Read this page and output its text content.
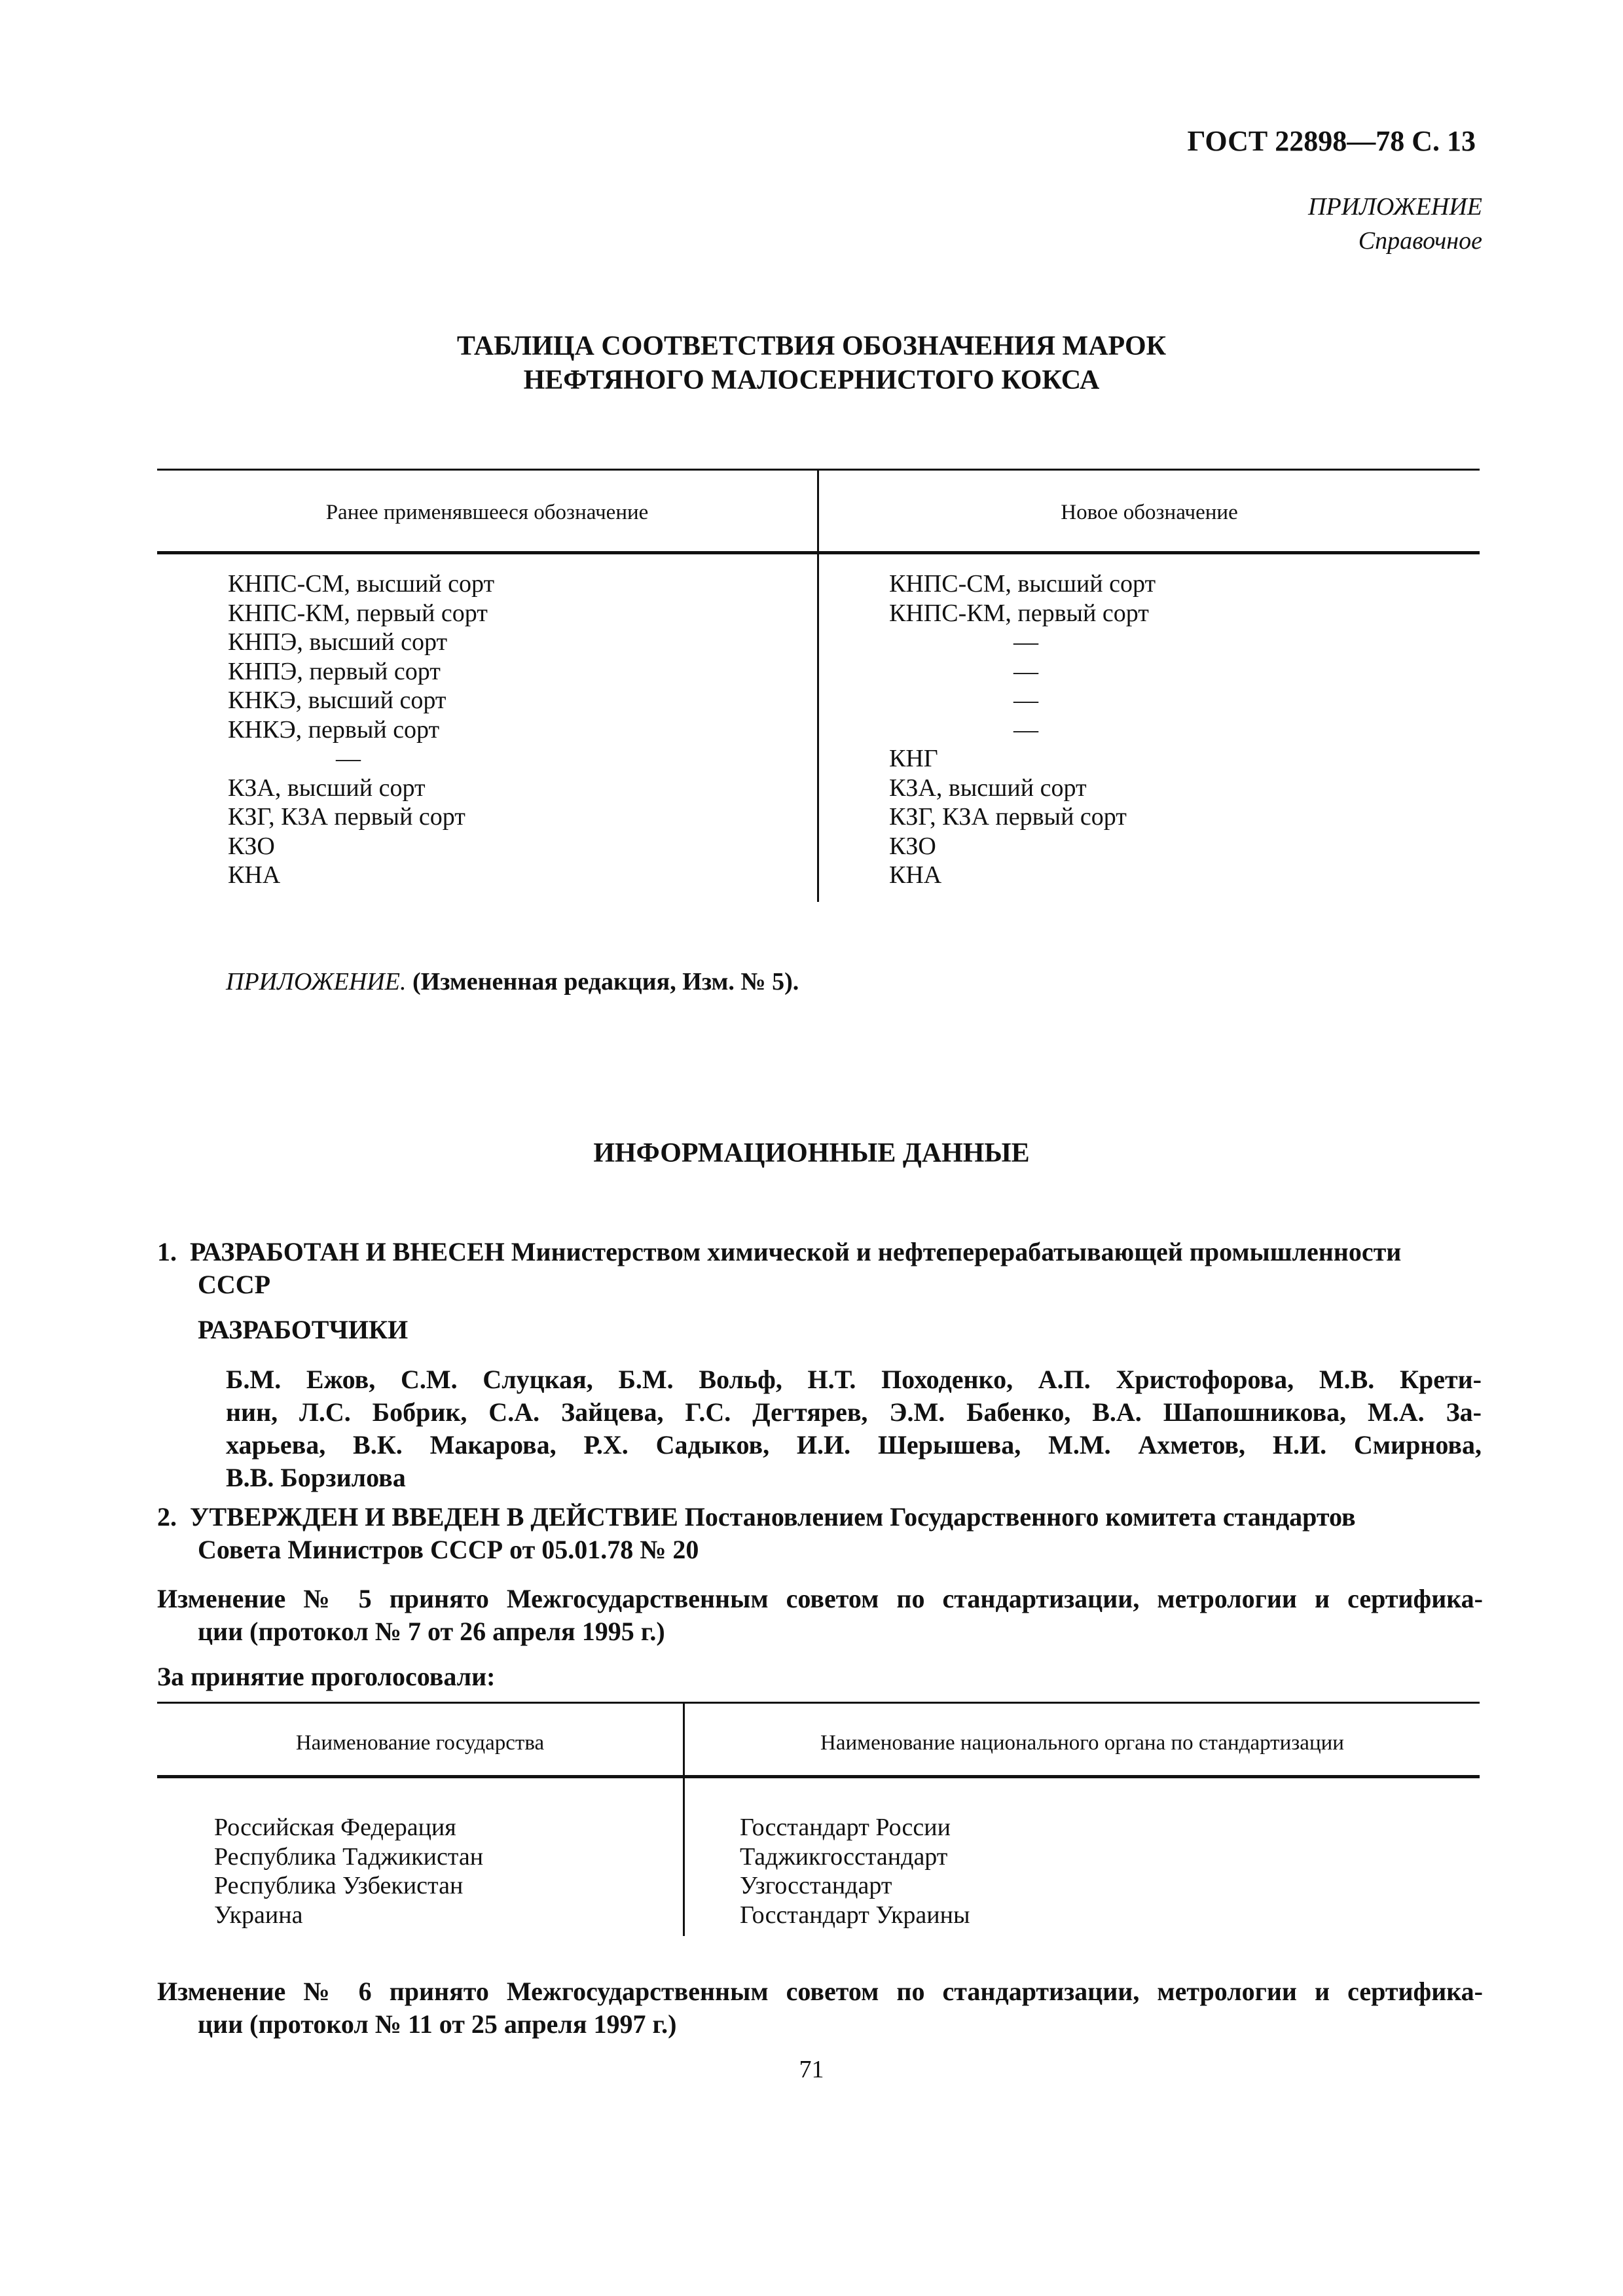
ГОСТ 22898—78 С. 13
ПРИЛОЖЕНИЕ
Справочное
ТАБЛИЦА СООТВЕТСТВИЯ ОБОЗНАЧЕНИЯ МАРОК
НЕФТЯНОГО МАЛОСЕРНИСТОГО КОКСА
Ранее применявшееся обозначение	Новое обозначение
КНПС-СМ, высший сорт
КНПС-КМ, первый сорт
КНПЭ, высший сорт
КНПЭ, первый сорт
КНКЭ, высший сорт
КНКЭ, первый сорт
—
КЗА, высший сорт
КЗГ, КЗА первый сорт
КЗО
КНА
КНПС-СМ, высший сорт
КНПС-КМ, первый сорт
—
—
—
—
КНГ
КЗА, высший сорт
КЗГ, КЗА первый сорт
КЗО
КНА
ПРИЛОЖЕНИЕ. (Измененная редакция, Изм. № 5).
ИНФОРМАЦИОННЫЕ ДАННЫЕ
1. РАЗРАБОТАН И ВНЕСЕН Министерством химической и нефтеперерабатывающей промышленности
СССР
РАЗРАБОТЧИКИ
Б.М. Ежов, С.М. Слуцкая, Б.М. Вольф, Н.Т. Походенко, А.П. Христофорова, М.В. Крети-
нин, Л.С. Бобрик, С.А. Зайцева, Г.С. Дегтярев, Э.М. Бабенко, В.А. Шапошникова, М.А. За-
харьева, В.К. Макарова, Р.Х. Садыков, И.И. Шерышева, М.М. Ахметов, Н.И. Смирнова,
В.В. Борзилова
2. УТВЕРЖДЕН И ВВЕДЕН В ДЕЙСТВИЕ Постановлением Государственного комитета стандартов
Совета Министров СССР от 05.01.78 № 20
Изменение № 5 принято Межгосударственным советом по стандартизации, метрологии и сертифика-
ции (протокол № 7 от 26 апреля 1995 г.)
За принятие проголосовали:
Наименование государства	Наименование национального органа по стандартизации
Российская Федерация
Республика Таджикистан
Республика Узбекистан
Украина
Госстандарт России
Таджикгосстандарт
Узгосстандарт
Госстандарт Украины
Изменение № 6 принято Межгосударственным советом по стандартизации, метрологии и сертифика-
ции (протокол № 11 от 25 апреля 1997 г.)
71
